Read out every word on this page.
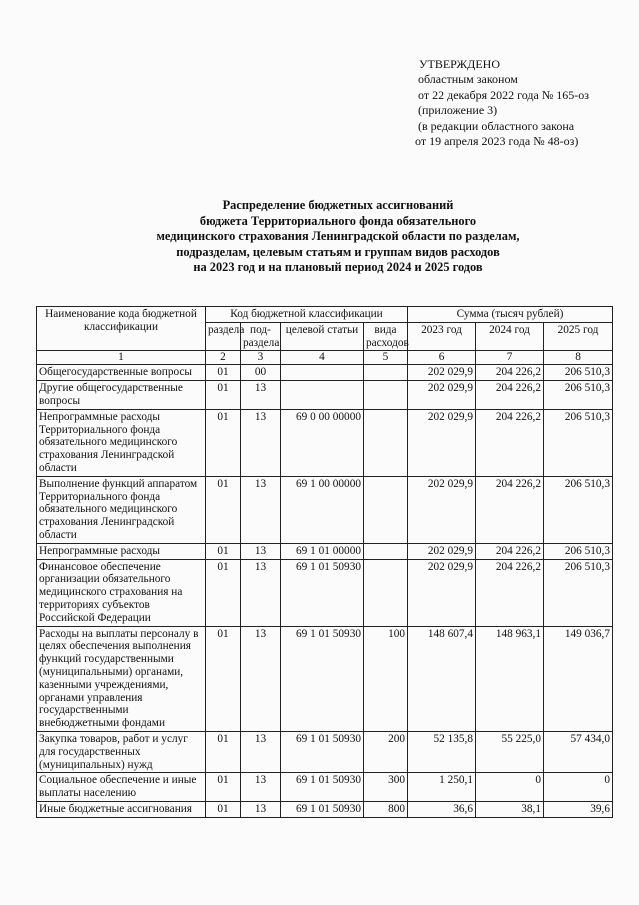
УТВЕРЖДЕНО
областным законом
от 22 декабря 2022 года № 165-оз
(приложение 3)
(в редакции областного закона
от 19 апреля 2023 года № 48-оз)
Распределение бюджетных ассигнований
бюджета Территориального фонда обязательного
медицинского страхования Ленинградской области по разделам,
подразделам, целевым статьям и группам видов расходов
на 2023 год и на плановый период 2024 и 2025 годов
Наименование кода бюджетной классификации	Код бюджетной классификации				Сумма (тысяч рублей)		
	раздела	под-раздела	целевой статьи	вида расходов	2023 год	2024 год	2025 год
1	2	3	4	5	6	7	8
Общегосударственные вопросы	01	00			202 029,9	204 226,2	206 510,3
Другие общегосударственные вопросы	01	13			202 029,9	204 226,2	206 510,3
Непрограммные расходы Территориального фонда обязательного медицинского страхования Ленинградской области	01	13	69 0 00 00000		202 029,9	204 226,2	206 510,3
Выполнение функций аппаратом Территориального фонда обязательного медицинского страхования Ленинградской области	01	13	69 1 00 00000		202 029,9	204 226,2	206 510,3
Непрограммные расходы	01	13	69 1 01 00000		202 029,9	204 226,2	206 510,3
Финансовое обеспечение организации обязательного медицинского страхования на территориях субъектов Российской Федерации	01	13	69 1 01 50930		202 029,9	204 226,2	206 510,3
Расходы на выплаты персоналу в целях обеспечения выполнения функций государственными (муниципальными) органами, казенными учреждениями, органами управления государственными внебюджетными фондами	01	13	69 1 01 50930	100	148 607,4	148 963,1	149 036,7
Закупка товаров, работ и услуг для государственных (муниципальных) нужд	01	13	69 1 01 50930	200	52 135,8	55 225,0	57 434,0
Социальное обеспечение и иные выплаты населению	01	13	69 1 01 50930	300	1 250,1	0	0
Иные бюджетные ассигнования	01	13	69 1 01 50930	800	36,6	38,1	39,6
